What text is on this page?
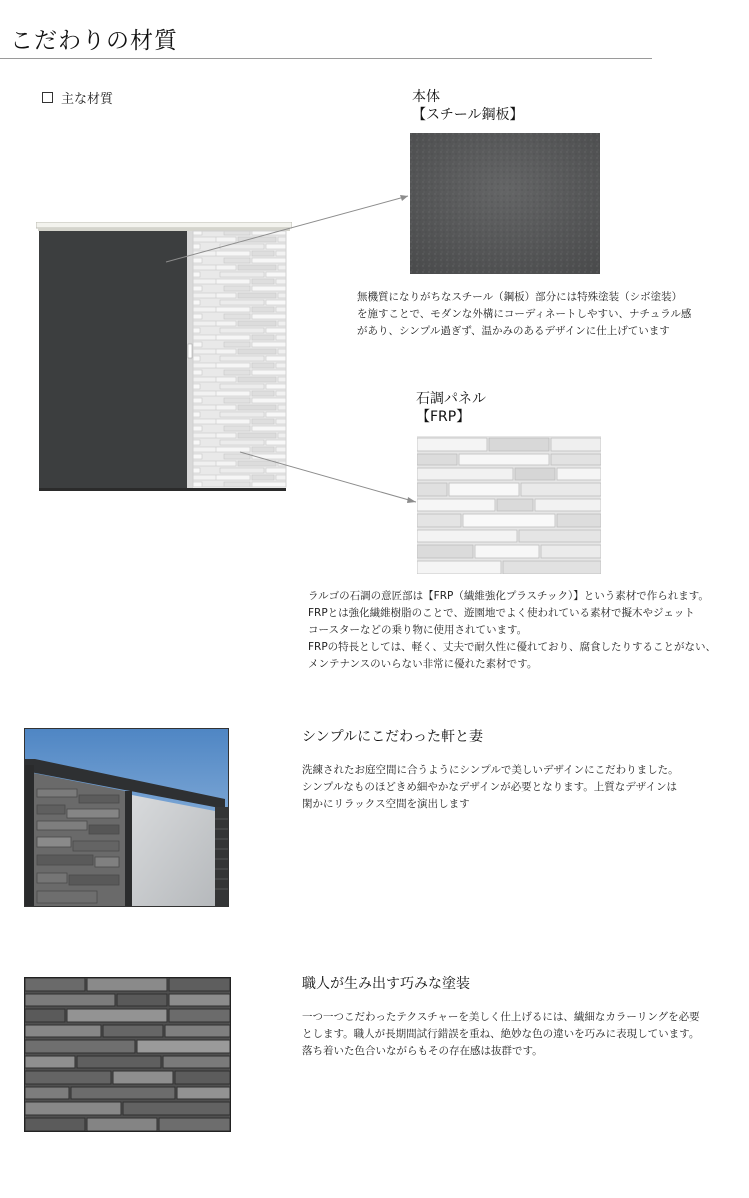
こだわりの材質
主な材質	本体
【スチール鋼板】

無機質になりがちなスチール（鋼板）部分には特殊塗装（シボ塗装）

を施すことで、モダンな外構にコーディネートしやすい、ナチュラル感

があり、シンプル過ぎず、温かみのあるデザインに仕上げています

石調パネル
【FRP】

ラルゴの石調の意匠部は【FRP（繊維強化プラスチック）】という素材で作られます。

FRPとは強化繊維樹脂のことで、遊園地でよく使われている素材で擬木やジェット

コースターなどの乗り物に使用されています。

FRPの特長としては、軽く、丈夫で耐久性に優れており、腐食したりすることがない、

メンテナンスのいらない非常に優れた素材です。

シンプルにこだわった軒と妻

洗練されたお庭空間に合うようにシンプルで美しいデザインにこだわりました。

シンプルなものほどきめ細やかなデザインが必要となります。上質なデザインは

閑かにリラックス空間を演出します

職人が生み出す巧みな塗装

一つ一つこだわったテクスチャーを美しく仕上げるには、繊細なカラーリングを必要

とします。職人が長期間試行錯誤を重ね、絶妙な色の違いを巧みに表現しています。

落ち着いた色合いながらもその存在感は抜群です。
